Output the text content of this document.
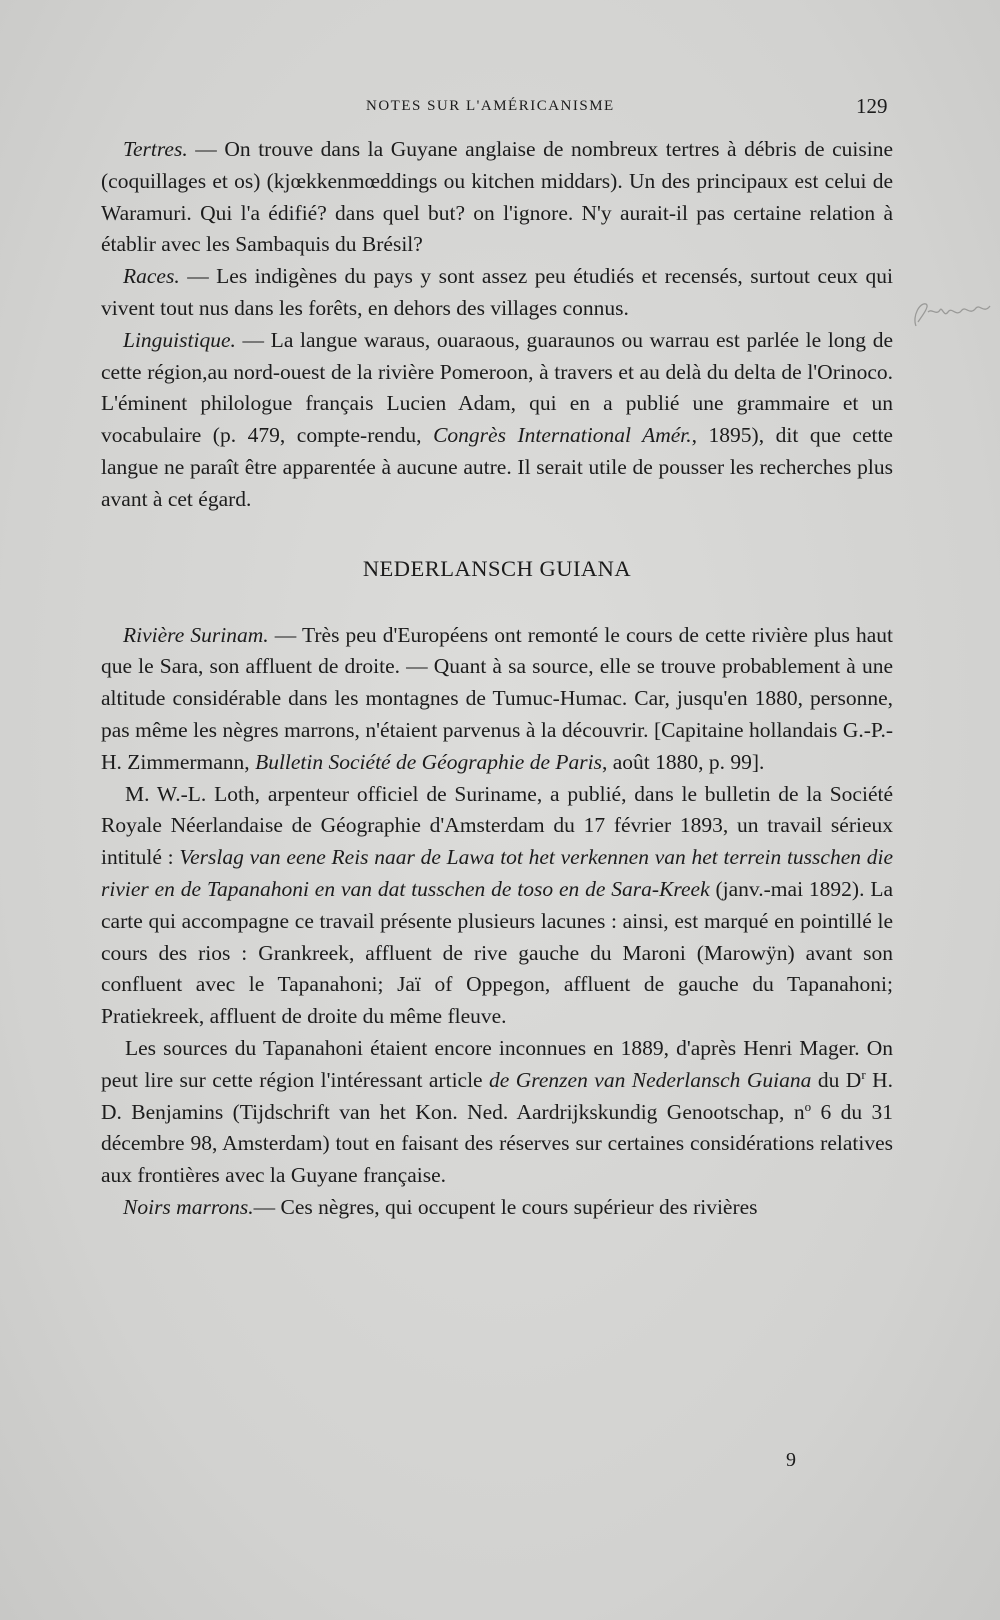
NOTES SUR L'AMÉRICANISME	129

Tertres. — On trouve dans la Guyane anglaise de nombreux tertres à débris de cuisine (coquillages et os) (kjœkkenmœddings ou kitchen middars). Un des principaux est celui de Waramuri. Qui l'a édifié? dans quel but? on l'ignore. N'y aurait-il pas certaine relation à établir avec les Sambaquis du Brésil?

Races. — Les indigènes du pays y sont assez peu étudiés et recensés, surtout ceux qui vivent tout nus dans les forêts, en dehors des villages connus.

Linguistique. — La langue waraus, ouaraous, guaraunos ou warrau est parlée le long de cette région,au nord-ouest de la rivière Pomeroon, à travers et au delà du delta de l'Orinoco. L'éminent philologue français Lucien Adam, qui en a publié une grammaire et un vocabulaire (p. 479, compte-rendu, Congrès International Amér., 1895), dit que cette langue ne paraît être apparentée à aucune autre. Il serait utile de pousser les recherches plus avant à cet égard.

NEDERLANSCH GUIANA

Rivière Surinam. — Très peu d'Européens ont remonté le cours de cette rivière plus haut que le Sara, son affluent de droite. — Quant à sa source, elle se trouve probablement à une altitude considérable dans les montagnes de Tumuc-Humac. Car, jusqu'en 1880, personne, pas même les nègres marrons, n'étaient parvenus à la découvrir. [Capitaine hollandais G.-P.-H. Zimmermann, Bulletin Société de Géographie de Paris, août 1880, p. 99].

M. W.-L. Loth, arpenteur officiel de Suriname, a publié, dans le bulletin de la Société Royale Néerlandaise de Géographie d'Amsterdam du 17 février 1893, un travail sérieux intitulé : Verslag van eene Reis naar de Lawa tot het verkennen van het terrein tusschen die rivier en de Tapanahoni en van dat tusschen de toso en de Sara-Kreek (janv.-mai 1892). La carte qui accompagne ce travail présente plusieurs lacunes : ainsi, est marqué en pointillé le cours des rios : Grankreek, affluent de rive gauche du Maroni (Marowÿn) avant son confluent avec le Tapanahoni; Jaï of Oppegon, affluent de gauche du Tapanahoni; Pratiekreek, affluent de droite du même fleuve.

Les sources du Tapanahoni étaient encore inconnues en 1889, d'après Henri Mager. On peut lire sur cette région l'intéressant article de Grenzen van Nederlansch Guiana du $D^r$ H. D. Benjamins (Tijdschrift van het Kon. Ned. Aardrijkskundig Genootschap, $n^o$ 6 du 31 décembre 98, Amsterdam) tout en faisant des réserves sur certaines considérations relatives aux frontières avec la Guyane française.

Noirs marrons.— Ces nègres, qui occupent le cours supérieur des rivières

9
